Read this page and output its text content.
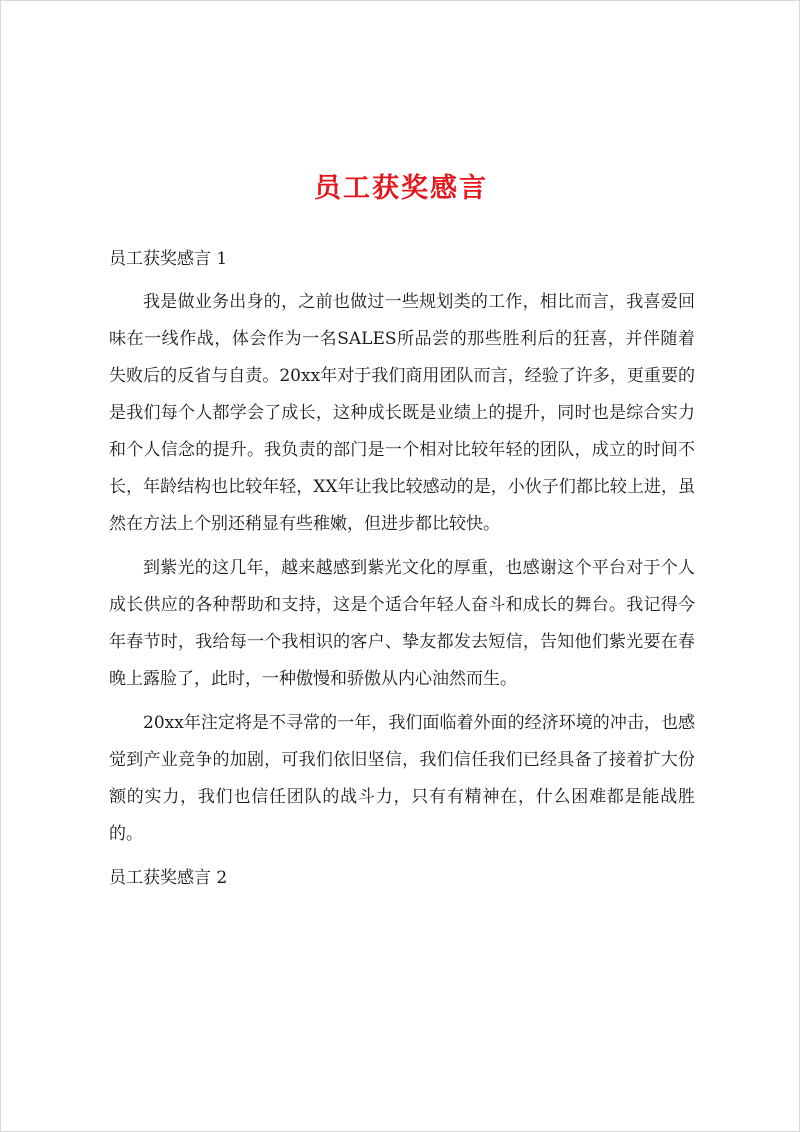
员工获奖感言
员工获奖感言 1

我是做业务出身的，之前也做过一些规划类的工作，相比而言，我喜爱回味在一线作战，体会作为一名SALES所品尝的那些胜利后的狂喜，并伴随着失败后的反省与自责。20xx年对于我们商用团队而言，经验了许多，更重要的是我们每个人都学会了成长，这种成长既是业绩上的提升，同时也是综合实力和个人信念的提升。我负责的部门是一个相对比较年轻的团队，成立的时间不长，年龄结构也比较年轻，XX年让我比较感动的是，小伙子们都比较上进，虽然在方法上个别还稍显有些稚嫩，但进步都比较快。

到紫光的这几年，越来越感到紫光文化的厚重，也感谢这个平台对于个人成长供应的各种帮助和支持，这是个适合年轻人奋斗和成长的舞台。我记得今年春节时，我给每一个我相识的客户、挚友都发去短信，告知他们紫光要在春晚上露脸了，此时，一种傲慢和骄傲从内心油然而生。

20xx年注定将是不寻常的一年，我们面临着外面的经济环境的冲击，也感觉到产业竞争的加剧，可我们依旧坚信，我们信任我们已经具备了接着扩大份额的实力，我们也信任团队的战斗力，只有有精神在，什么困难都是能战胜的。

员工获奖感言 2
